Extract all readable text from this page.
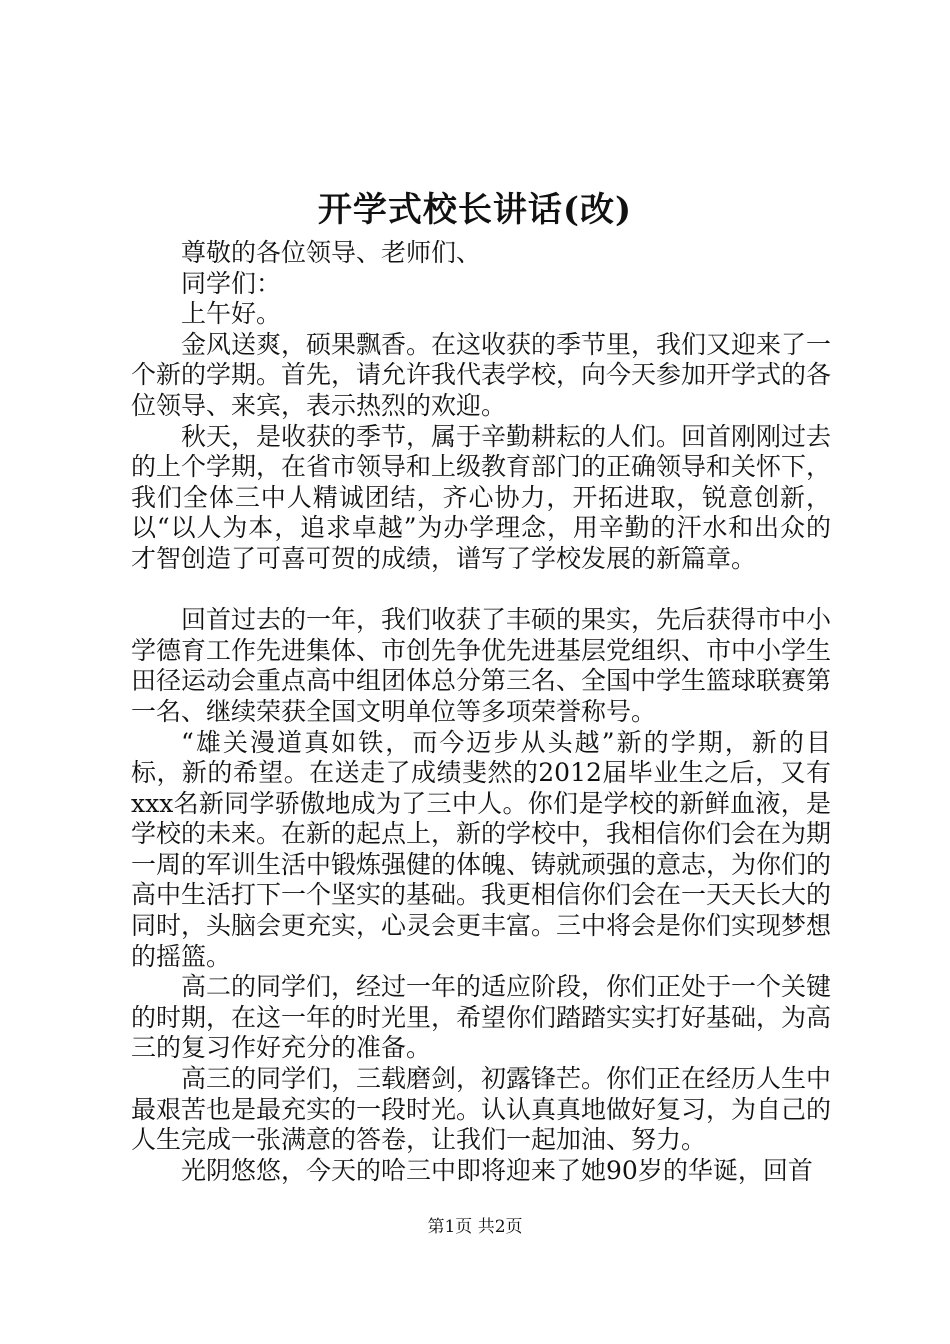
开学式校长讲话(改)

尊敬的各位领导、老师们、

同学们：

上午好。

金风送爽，硕果飘香。在这收获的季节里，我们又迎来了一个新的学期。首先，请允许我代表学校，向今天参加开学式的各位领导、来宾，表示热烈的欢迎。

秋天，是收获的季节，属于辛勤耕耘的人们。回首刚刚过去的上个学期，在省市领导和上级教育部门的正确领导和关怀下，我们全体三中人精诚团结，齐心协力，开拓进取，锐意创新，以“以人为本，追求卓越”为办学理念，用辛勤的汗水和出众的才智创造了可喜可贺的成绩，谱写了学校发展的新篇章。

回首过去的一年，我们收获了丰硕的果实，先后获得市中小学德育工作先进集体、市创先争优先进基层党组织、市中小学生田径运动会重点高中组团体总分第三名、全国中学生篮球联赛第一名、继续荣获全国文明单位等多项荣誉称号。

“雄关漫道真如铁，而今迈步从头越”新的学期，新的目标，新的希望。在送走了成绩斐然的2012届毕业生之后，又有xxx名新同学骄傲地成为了三中人。你们是学校的新鲜血液，是学校的未来。在新的起点上，新的学校中，我相信你们会在为期一周的军训生活中锻炼强健的体魄、铸就顽强的意志，为你们的高中生活打下一个坚实的基础。我更相信你们会在一天天长大的同时，头脑会更充实，心灵会更丰富。三中将会是你们实现梦想的摇篮。

高二的同学们，经过一年的适应阶段，你们正处于一个关键的时期，在这一年的时光里，希望你们踏踏实实打好基础，为高三的复习作好充分的准备。

高三的同学们，三载磨剑，初露锋芒。你们正在经历人生中最艰苦也是最充实的一段时光。认认真真地做好复习，为自己的人生完成一张满意的答卷，让我们一起加油、努力。

光阴悠悠，今天的哈三中即将迎来了她90岁的华诞，回首

第1页 共2页
